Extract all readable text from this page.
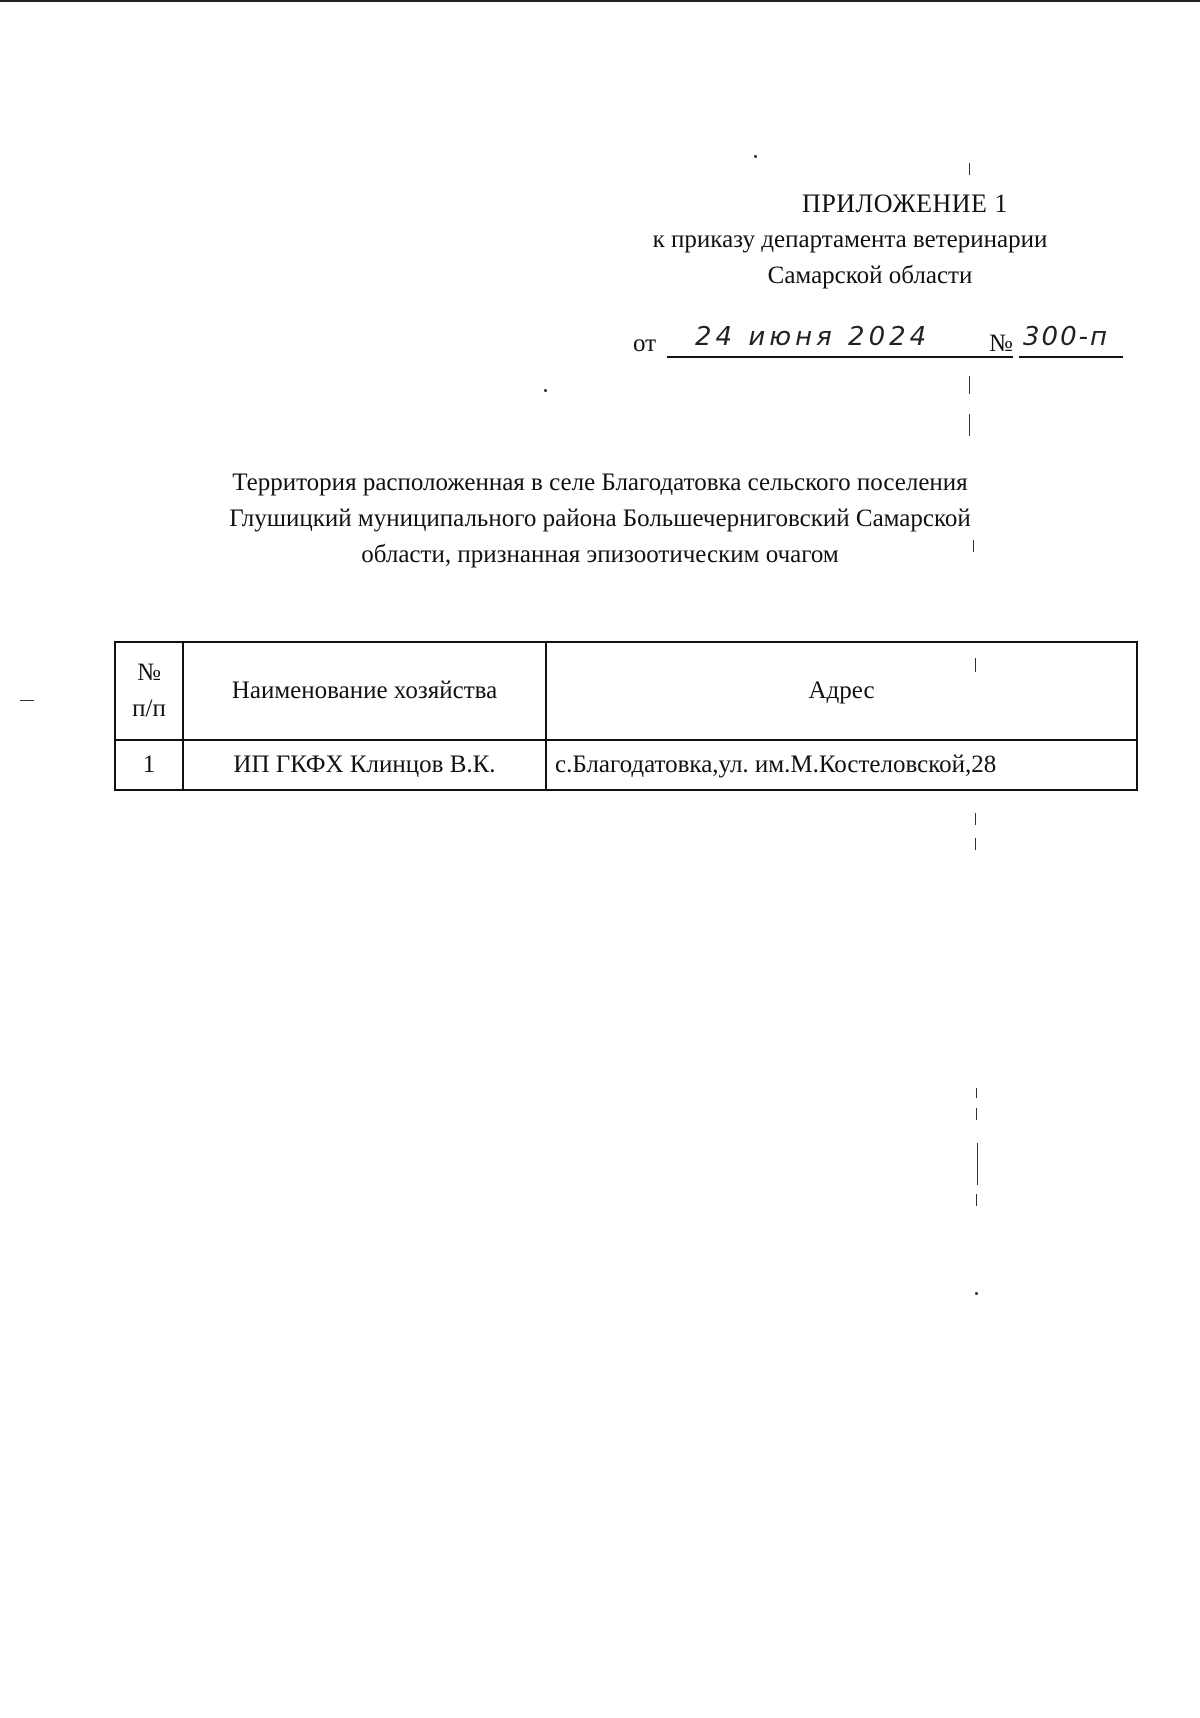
ПРИЛОЖЕНИЕ 1
к приказу департамента ветеринарии
Самарской области
от 24 июня 2024 № 300-п
Территория расположенная в селе Благодатовка сельского поселения
Глушицкий муниципального района Большечерниговский Самарской
области, признанная эпизоотическим очагом
№ п/п	Наименование хозяйства	Адрес
1	ИП ГКФХ Клинцов В.К.	с.Благодатовка,ул. им.М.Костеловской,28
